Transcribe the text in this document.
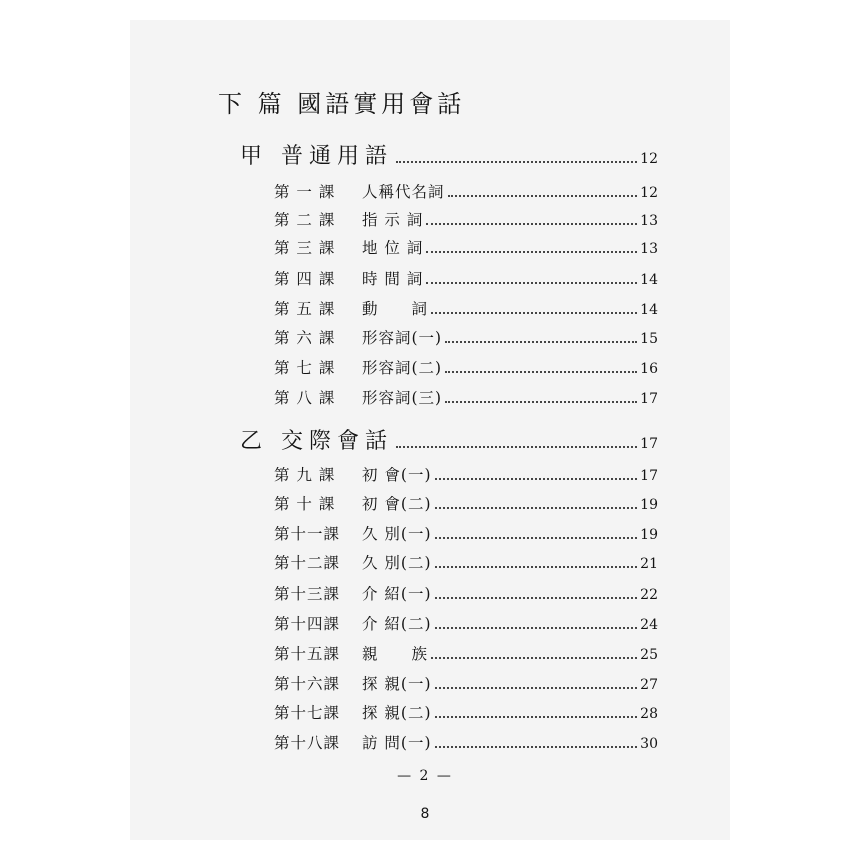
下 篇 國語實用會話
甲 普通用語	12
第 一 課	人稱代名詞	12
第 二 課	指 示 詞	13
第 三 課	地 位 詞	13
第 四 課	時 間 詞	14
第 五 課	動　　詞	14
第 六 課	形容詞(一)	15
第 七 課	形容詞(二)	16
第 八 課	形容詞(三)	17
乙 交際會話	17
第 九 課	初 會(一)	17
第 十 課	初 會(二)	19
第十一課	久 別(一)	19
第十二課	久 別(二)	21
第十三課	介 紹(一)	22
第十四課	介 紹(二)	24
第十五課	親　　族	25
第十六課	探 親(一)	27
第十七課	探 親(二)	28
第十八課	訪 問(一)	30
— 2 —
8
